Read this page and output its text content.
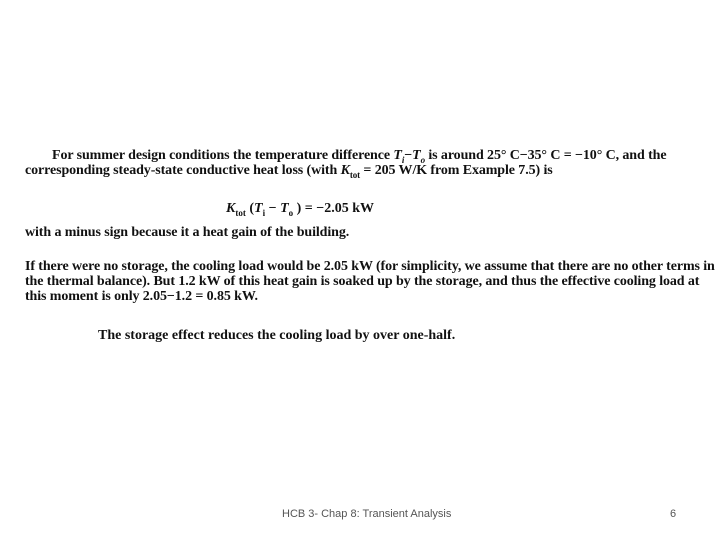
For summer design conditions the temperature difference $T_i-T_o$ is around 25° C−35° C = −10° C, and the corresponding steady-state conductive heat loss (with $K_{tot} = 205$ W/K from Example 7.5) is
$K_{tot}$ ($T_i - T_o$ ) = −2.05 kW
with a minus sign because it a heat gain of the building.
If there were no storage, the cooling load would be 2.05 kW (for simplicity, we assume that there are no other terms in the thermal balance). But 1.2 kW of this heat gain is soaked up by the storage, and thus the effective cooling load at this moment is only 2.05−1.2 = 0.85 kW.
The storage effect reduces the cooling load by over one-half.
HCB 3- Chap 8: Transient Analysis	6
